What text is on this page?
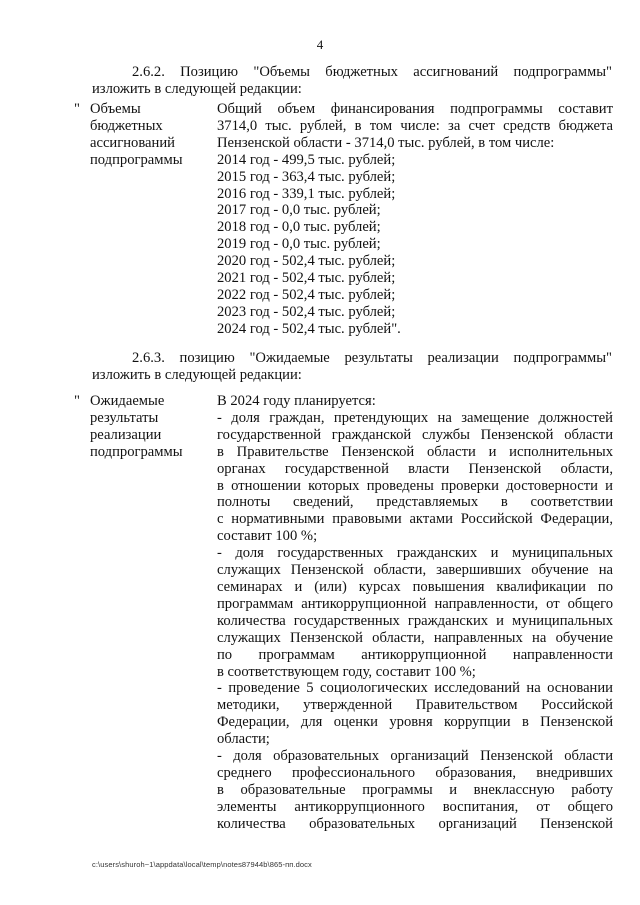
4

2.6.2. Позицию "Объемы бюджетных ассигнований подпрограммы" изложить в следующей редакции:

" Объемы
бюджетных
ассигнований
подпрограммы
Общий объем финансирования подпрограммы составит
3714,0 тыс. рублей, в том числе: за счет средств бюджета
Пензенской области - 3714,0 тыс. рублей, в том числе:
2014 год - 499,5 тыс. рублей;
2015 год - 363,4 тыс. рублей;
2016 год - 339,1 тыс. рублей;
2017 год - 0,0 тыс. рублей;
2018 год - 0,0 тыс. рублей;
2019 год - 0,0 тыс. рублей;
2020 год - 502,4 тыс. рублей;
2021 год - 502,4 тыс. рублей;
2022 год - 502,4 тыс. рублей;
2023 год - 502,4 тыс. рублей;
2024 год - 502,4 тыс. рублей".

2.6.3. позицию "Ожидаемые результаты реализации подпрограммы" изложить в следующей редакции:

" Ожидаемые
результаты
реализации
подпрограммы
В 2024 году планируется:
- доля граждан, претендующих на замещение должностей
государственной гражданской службы Пензенской области
в Правительстве Пензенской области и исполнительных
органах государственной власти Пензенской области,
в отношении которых проведены проверки достоверности и
полноты сведений, представляемых в соответствии
с нормативными правовыми актами Российской Федерации,
составит 100 %;
- доля государственных гражданских и муниципальных
служащих Пензенской области, завершивших обучение на
семинарах и (или) курсах повышения квалификации по
программам антикоррупционной направленности, от общего
количества государственных гражданских и муниципальных
служащих Пензенской области, направленных на обучение
по программам антикоррупционной направленности
в соответствующем году, составит 100 %;
- проведение 5 социологических исследований на основании
методики, утвержденной Правительством Российской
Федерации, для оценки уровня коррупции в Пензенской
области;
- доля образовательных организаций Пензенской области
среднего профессионального образования, внедривших
в образовательные программы и внеклассную работу
элементы антикоррупционного воспитания, от общего
количества образовательных организаций Пензенской
c:\users\shuroh~1\appdata\local\temp\notes87944b\865-пп.docx
